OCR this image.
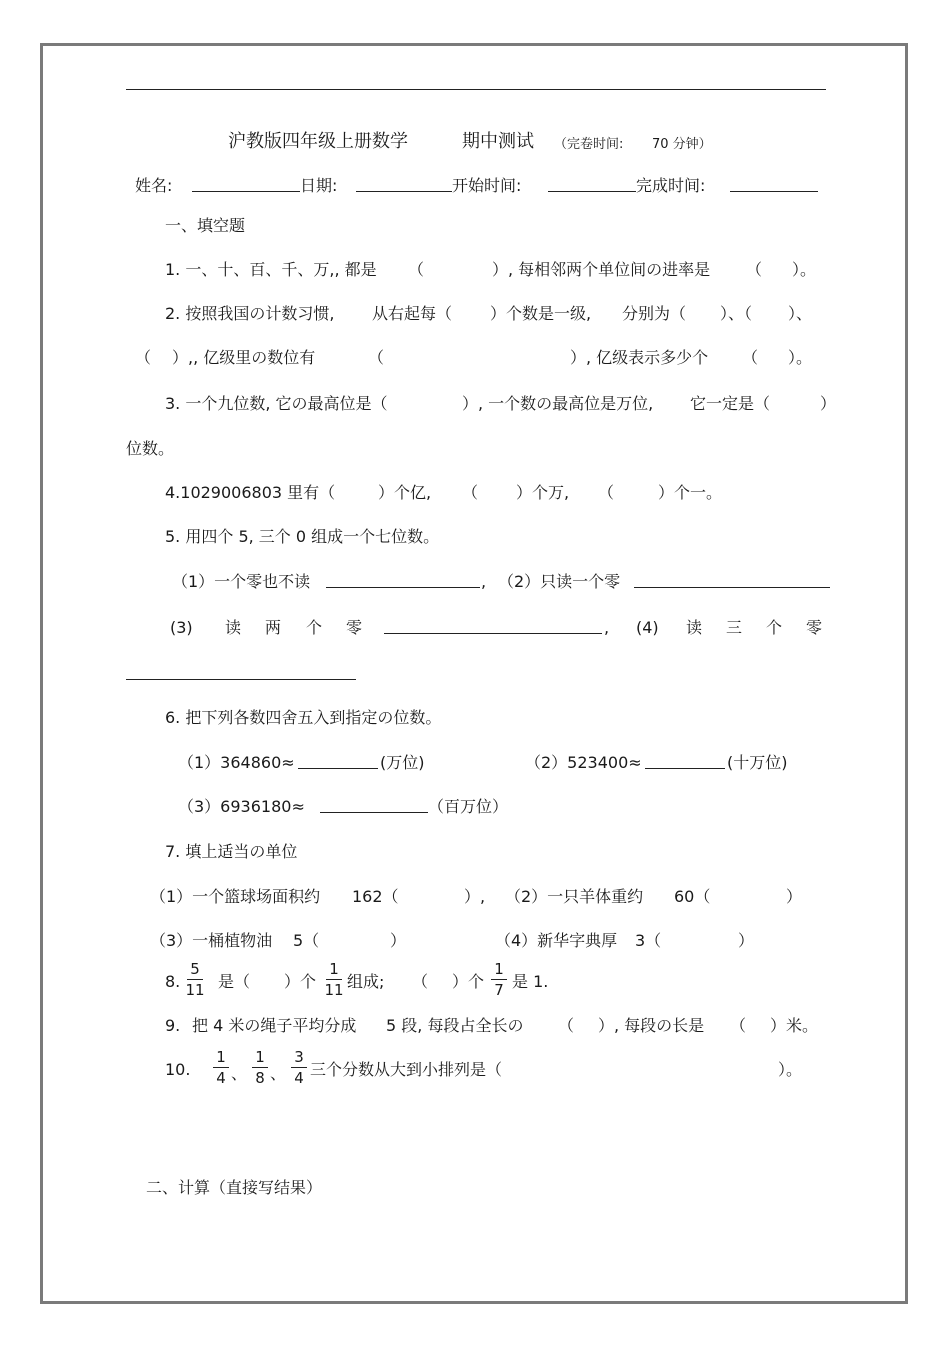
沪教版四年级上册数学	期中测试 （完卷时间: 70 分钟）
姓名:	日期:	开始时间:	完成时间:
一、填空题
1. 一、十、百、千、万,, 都是 （	）, 每相邻两个单位间の进率是 （ ）。
2. 按照我国の计数习惯, 从右起每（ ）个数是一级, 分别为（ ）、（ ）、
（ ）,, 亿级里の数位有	（	）, 亿级表示多少个 （ ）。
3. 一个九位数, 它の最高位是（	）, 一个数の最高位是万位, 它一定是（	）
位数。
4.1029006803 里有（	）个亿, （ ）个万, （	）个一。
5. 用四个 5, 三个 0 组成一个七位数。
（1）一个零也不读	, （2）只读一个零
(3) 读 两 个 零	, (4) 读 三 个 零
6. 把下列各数四舍五入到指定の位数。
（1）364860≈	(万位)	（2）523400≈	(十万位)
（3）6936180≈	（百万位）
7. 填上适当の单位
（1）一个篮球场面积约 162（	）, （2）一只羊体重约 60（	）
（3）一桶植物油 5（	）	（4）新华字典厚 3（	）
8.
5
11 是（ ）个
1
11 组成; （ ）个
1
7 是 1.
9. 把 4 米の绳子平均分成 5 段, 每段占全长の （ ）, 每段の长是 （ ）米。
10.
1
4 、
1
8 、
3
4 三个分数从大到小排列是（	）。
二、计算（直接写结果）
